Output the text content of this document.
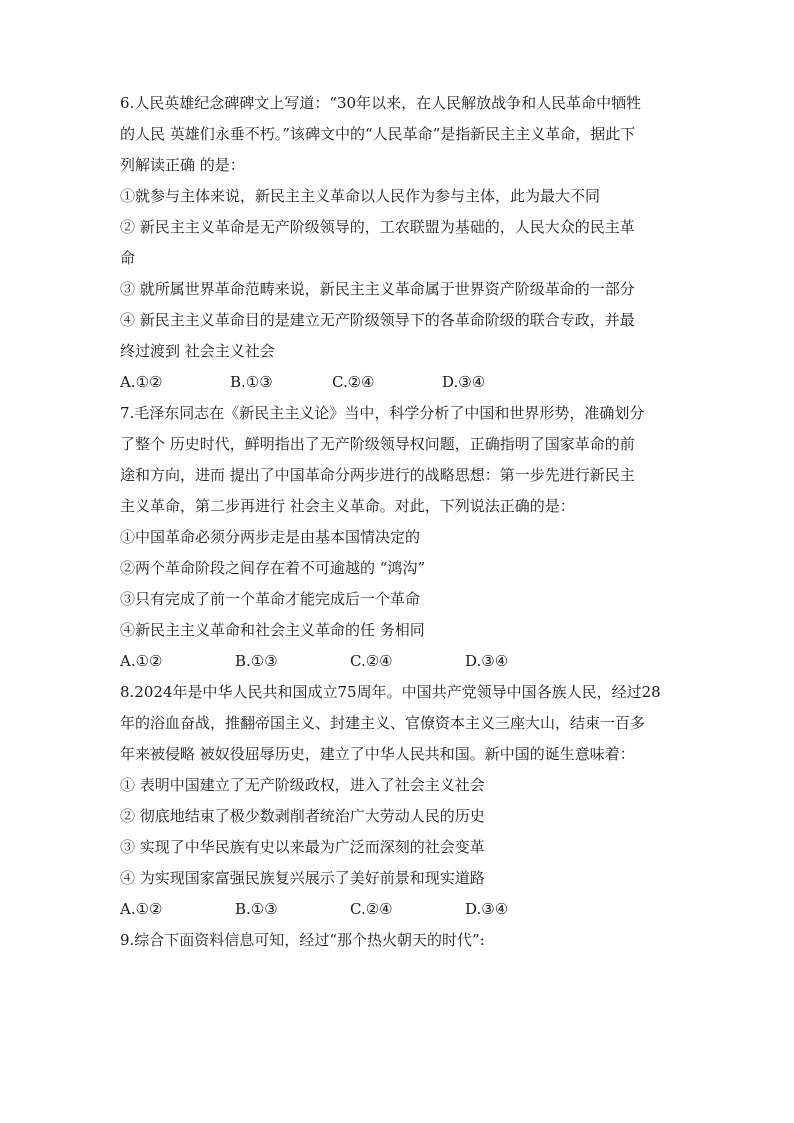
6.人民英雄纪念碑碑文上写道：“30年以来，在人民解放战争和人民革命中牺牲
的人民 英雄们永垂不朽。”该碑文中的“人民革命”是指新民主主义革命，据此下
列解读正确 的是：
①就参与主体来说，新民主主义革命以人民作为参与主体，此为最大不同
② 新民主主义革命是无产阶级领导的，工农联盟为基础的，人民大众的民主革
命
③ 就所属世界革命范畴来说，新民主主义革命属于世界资产阶级革命的一部分
④ 新民主主义革命目的是建立无产阶级领导下的各革命阶级的联合专政，并最
终过渡到 社会主义社会
A.①②	B.①③	C.②④	D.③④
7.毛泽东同志在《新民主主义论》当中，科学分析了中国和世界形势，准确划分
了整个 历史时代，鲜明指出了无产阶级领导权问题，正确指明了国家革命的前
途和方向，进而 提出了中国革命分两步进行的战略思想：第一步先进行新民主
主义革命，第二步再进行 社会主义革命。对此，下列说法正确的是：
①中国革命必须分两步走是由基本国情决定的
②两个革命阶段之间存在着不可逾越的 “鸿沟”
③只有完成了前一个革命才能完成后一个革命
④新民主主义革命和社会主义革命的任 务相同
A.①②	B.①③	C.②④	D.③④
8.2024年是中华人民共和国成立75周年。中国共产党领导中国各族人民，经过28
年的浴血奋战，推翻帝国主义、封建主义、官僚资本主义三座大山，结束一百多
年来被侵略 被奴役屈辱历史，建立了中华人民共和国。新中国的诞生意味着：
① 表明中国建立了无产阶级政权，进入了社会主义社会
② 彻底地结束了极少数剥削者统治广大劳动人民的历史
③ 实现了中华民族有史以来最为广泛而深刻的社会变革
④ 为实现国家富强民族复兴展示了美好前景和现实道路
A.①②	B.①③	C.②④	D.③④
9.综合下面资料信息可知，经过“那个热火朝天的时代”:
